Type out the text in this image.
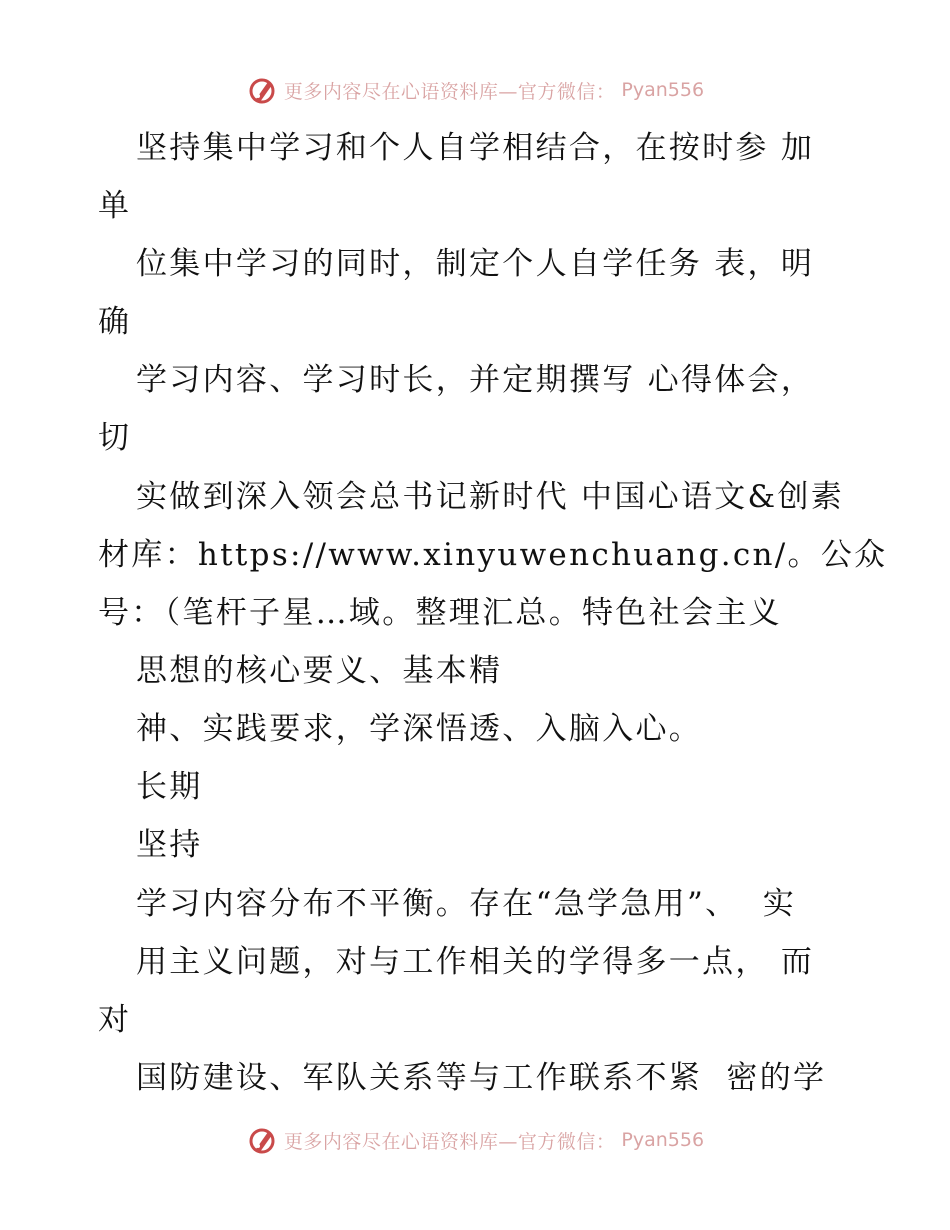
更多内容尽在心语资料库—官方微信： Pyan556
坚持集中学习和个人自学相结合，在按时参 加
单
位集中学习的同时，制定个人自学任务 表，明
确
学习内容、学习时长，并定期撰写 心得体会，
切
实做到深入领会总书记新时代 中国心语文&创素
材库：https://www.xinyuwenchuang.cn/。公众
号：（笔杆子星…域。整理汇总。特色社会主义
思想的核心要义、基本精
神、实践要求，学深悟透、入脑入心。
长期
坚持
学习内容分布不平衡。存在“急学急用”、  实
用主义问题，对与工作相关的学得多一点， 而
对
国防建设、军队关系等与工作联系不紧  密的学
更多内容尽在心语资料库—官方微信： Pyan556
